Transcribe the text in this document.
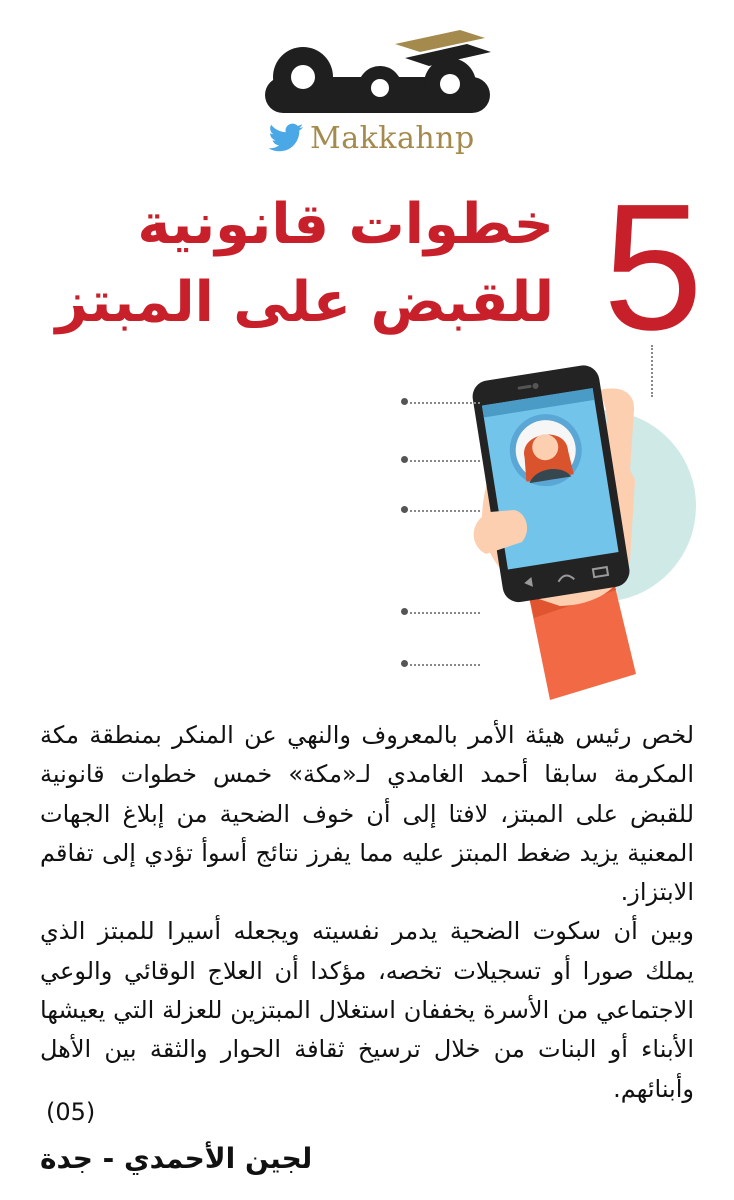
Makkahnp
5
خطوات قانونية
للقبض على المبتز
لخص رئيس هيئة الأمر بالمعروف والنهي عن المنكر بمنطقة مكة المكرمة سابقا أحمد الغامدي لـ«مكة» خمس خطوات قانونية للقبض على المبتز، لافتا إلى أن خوف الضحية من إبلاغ الجهات المعنية يزيد ضغط المبتز عليه مما يفرز نتائج أسوأ تؤدي إلى تفاقم الابتزاز.
وبين أن سكوت الضحية يدمر نفسيته ويجعله أسيرا للمبتز الذي يملك صورا أو تسجيلات تخصه، مؤكدا أن العلاج الوقائي والوعي الاجتماعي من الأسرة يخففان استغلال المبتزين للعزلة التي يعيشها الأبناء أو البنات من خلال ترسيخ ثقافة الحوار والثقة بين الأهل وأبنائهم.
(05)
لجين الأحمدي - جدة
